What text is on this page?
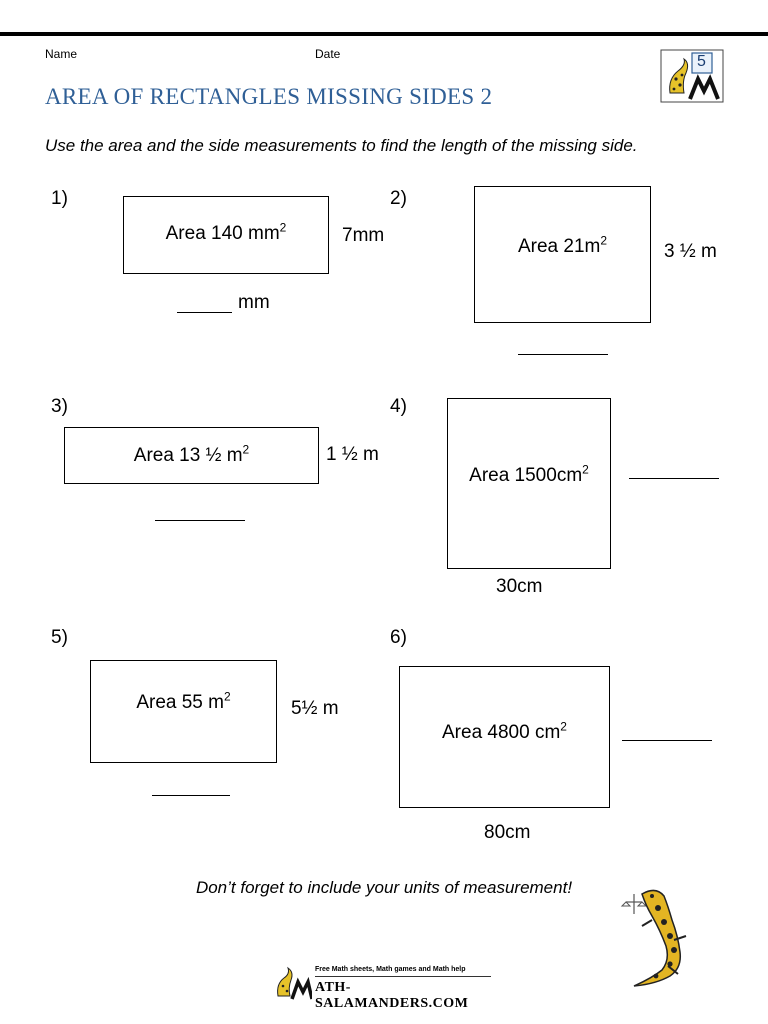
Name	Date	5
AREA OF RECTANGLES MISSING SIDES 2
Use the area and the side measurements to find the length of the missing side.
1)
Area 140 $mm^2$	7mm
mm
2)
Area $21m^2$
3 ½ m
3)
Area 13 ½ $m^2$	1 ½ m
4)
Area $1500cm^2$
30cm
5)
Area 55 $m^2$
5½ m
6)
Area 4800 $cm^2$
80cm
Don’t forget to include your units of measurement!
Free Math sheets, Math games and Math help
ATH-SALAMANDERS.COM
